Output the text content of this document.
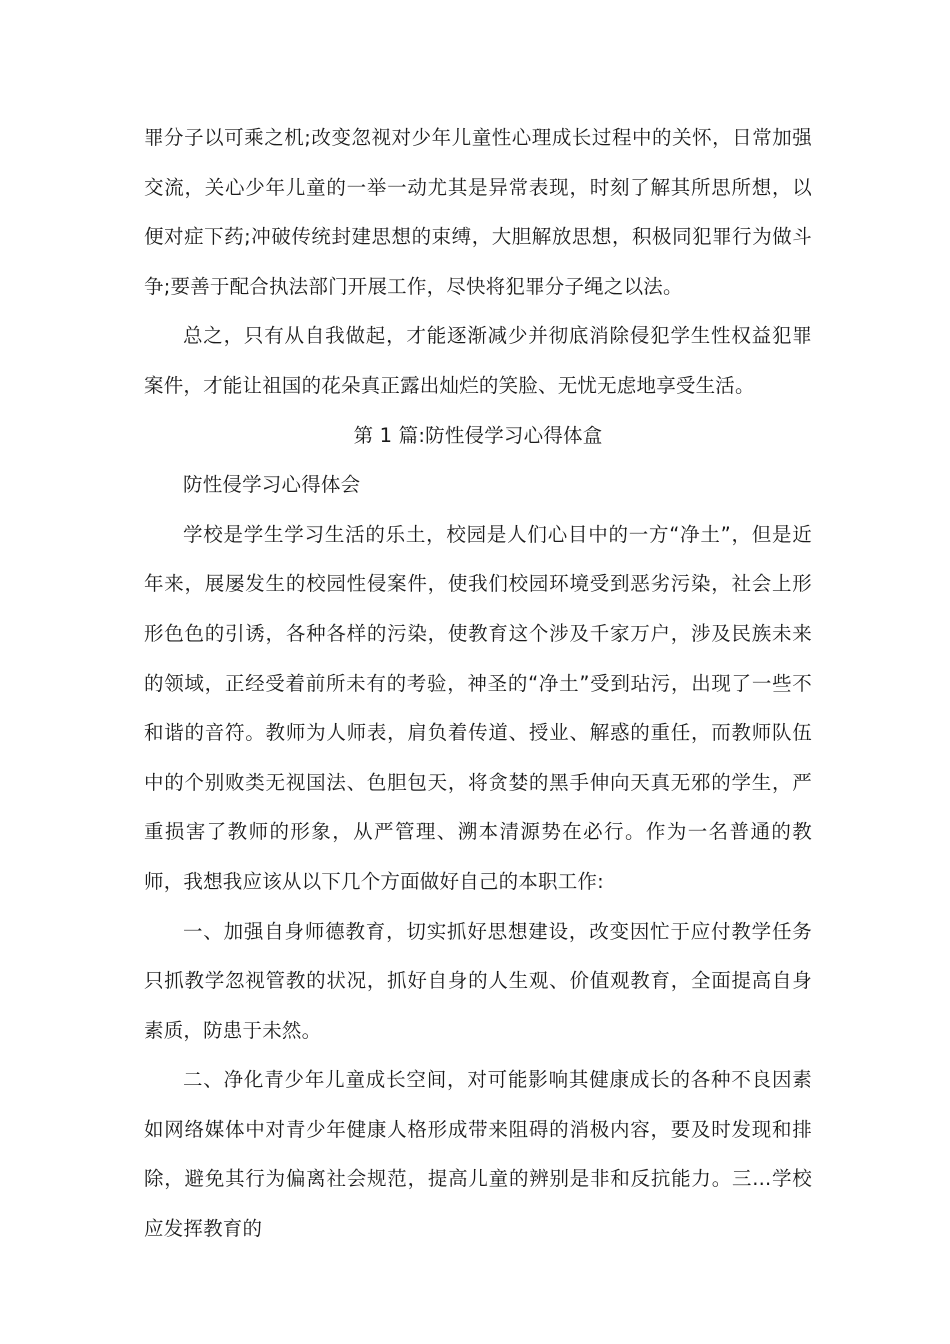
罪分子以可乘之机;改变忽视对少年儿童性心理成长过程中的关怀，日常加强交流，关心少年儿童的一举一动尤其是异常表现，时刻了解其所思所想，以便对症下药;冲破传统封建思想的束缚，大胆解放思想，积极同犯罪行为做斗争;要善于配合执法部门开展工作，尽快将犯罪分子绳之以法。

总之，只有从自我做起，才能逐渐减少并彻底消除侵犯学生性权益犯罪案件，才能让祖国的花朵真正露出灿烂的笑脸、无忧无虑地享受生活。

第 1 篇:防性侵学习心得体盒

防性侵学习心得体会

学校是学生学习生活的乐土，校园是人们心目中的一方“净土”，但是近年来，展屡发生的校园性侵案件，使我们校园环境受到恶劣污染，社会上形形色色的引诱，各种各样的污染，使教育这个涉及千家万户，涉及民族未来的领域，正经受着前所未有的考验，神圣的“净土”受到玷污，出现了一些不和谐的音符。教师为人师表，肩负着传道、授业、解惑的重任，而教师队伍中的个别败类无视国法、色胆包天，将贪婪的黑手伸向天真无邪的学生，严重损害了教师的形象，从严管理、溯本清源势在必行。作为一名普通的教师，我想我应该从以下几个方面做好自己的本职工作:

一、加强自身师德教育，切实抓好思想建设，改变因忙于应付教学任务只抓教学忽视管教的状况，抓好自身的人生观、价值观教育，全面提高自身素质，防患于未然。

二、净化青少年儿童成长空间，对可能影响其健康成长的各种不良因素如网络媒体中对青少年健康人格形成带来阻碍的消极内容，要及时发现和排除，避免其行为偏离社会规范，提高儿童的辨别是非和反抗能力。三...学校应发挥教育的
